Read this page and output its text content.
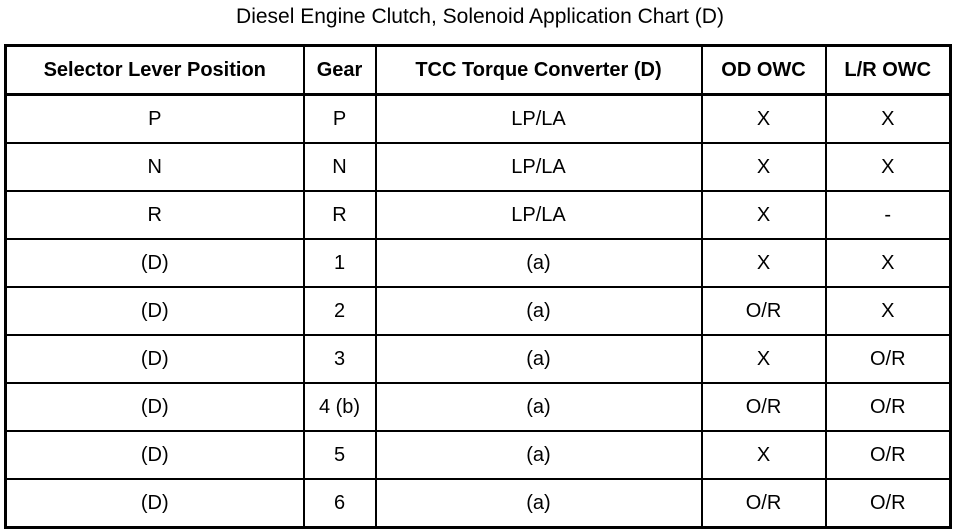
Diesel Engine Clutch, Solenoid Application Chart (D)
Selector Lever Position	Gear	TCC Torque Converter (D)	OD OWC	L/R OWC
P	P	LP/LA	X	X
N	N	LP/LA	X	X
R	R	LP/LA	X	-
(D)	1	(a)	X	X
(D)	2	(a)	O/R	X
(D)	3	(a)	X	O/R
(D)	4 (b)	(a)	O/R	O/R
(D)	5	(a)	X	O/R
(D)	6	(a)	O/R	O/R
